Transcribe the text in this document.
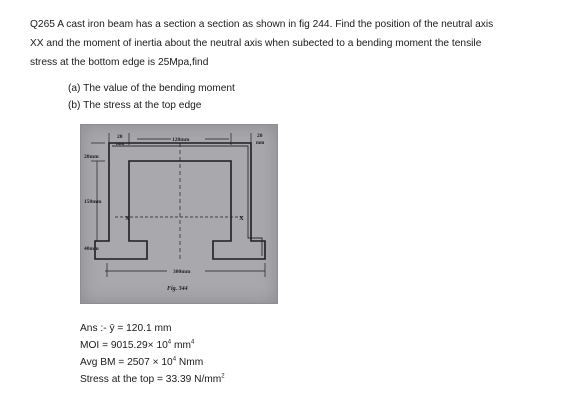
Q265 A cast iron beam has a section a section as shown in fig 244. Find the position of the neutral axis

XX and the moment of inertia about the neutral axis when subected to a bending moment the tensile

stress at the bottom edge is 25Mpa,find

(a) The value of the bending moment
(b) The stress at the top edge
20
mm
120mm
20
mm
20mm
150mm
40mm
X	X
300mm
Fig. 344
Ans :- ӯ = 120.1 mm
MOI = $9015.29\times 10^4$ $mm^4$
Avg BM = $2507 \times 10^4$ Nmm
Stress at the top = 33.39 $N/mm^2$
